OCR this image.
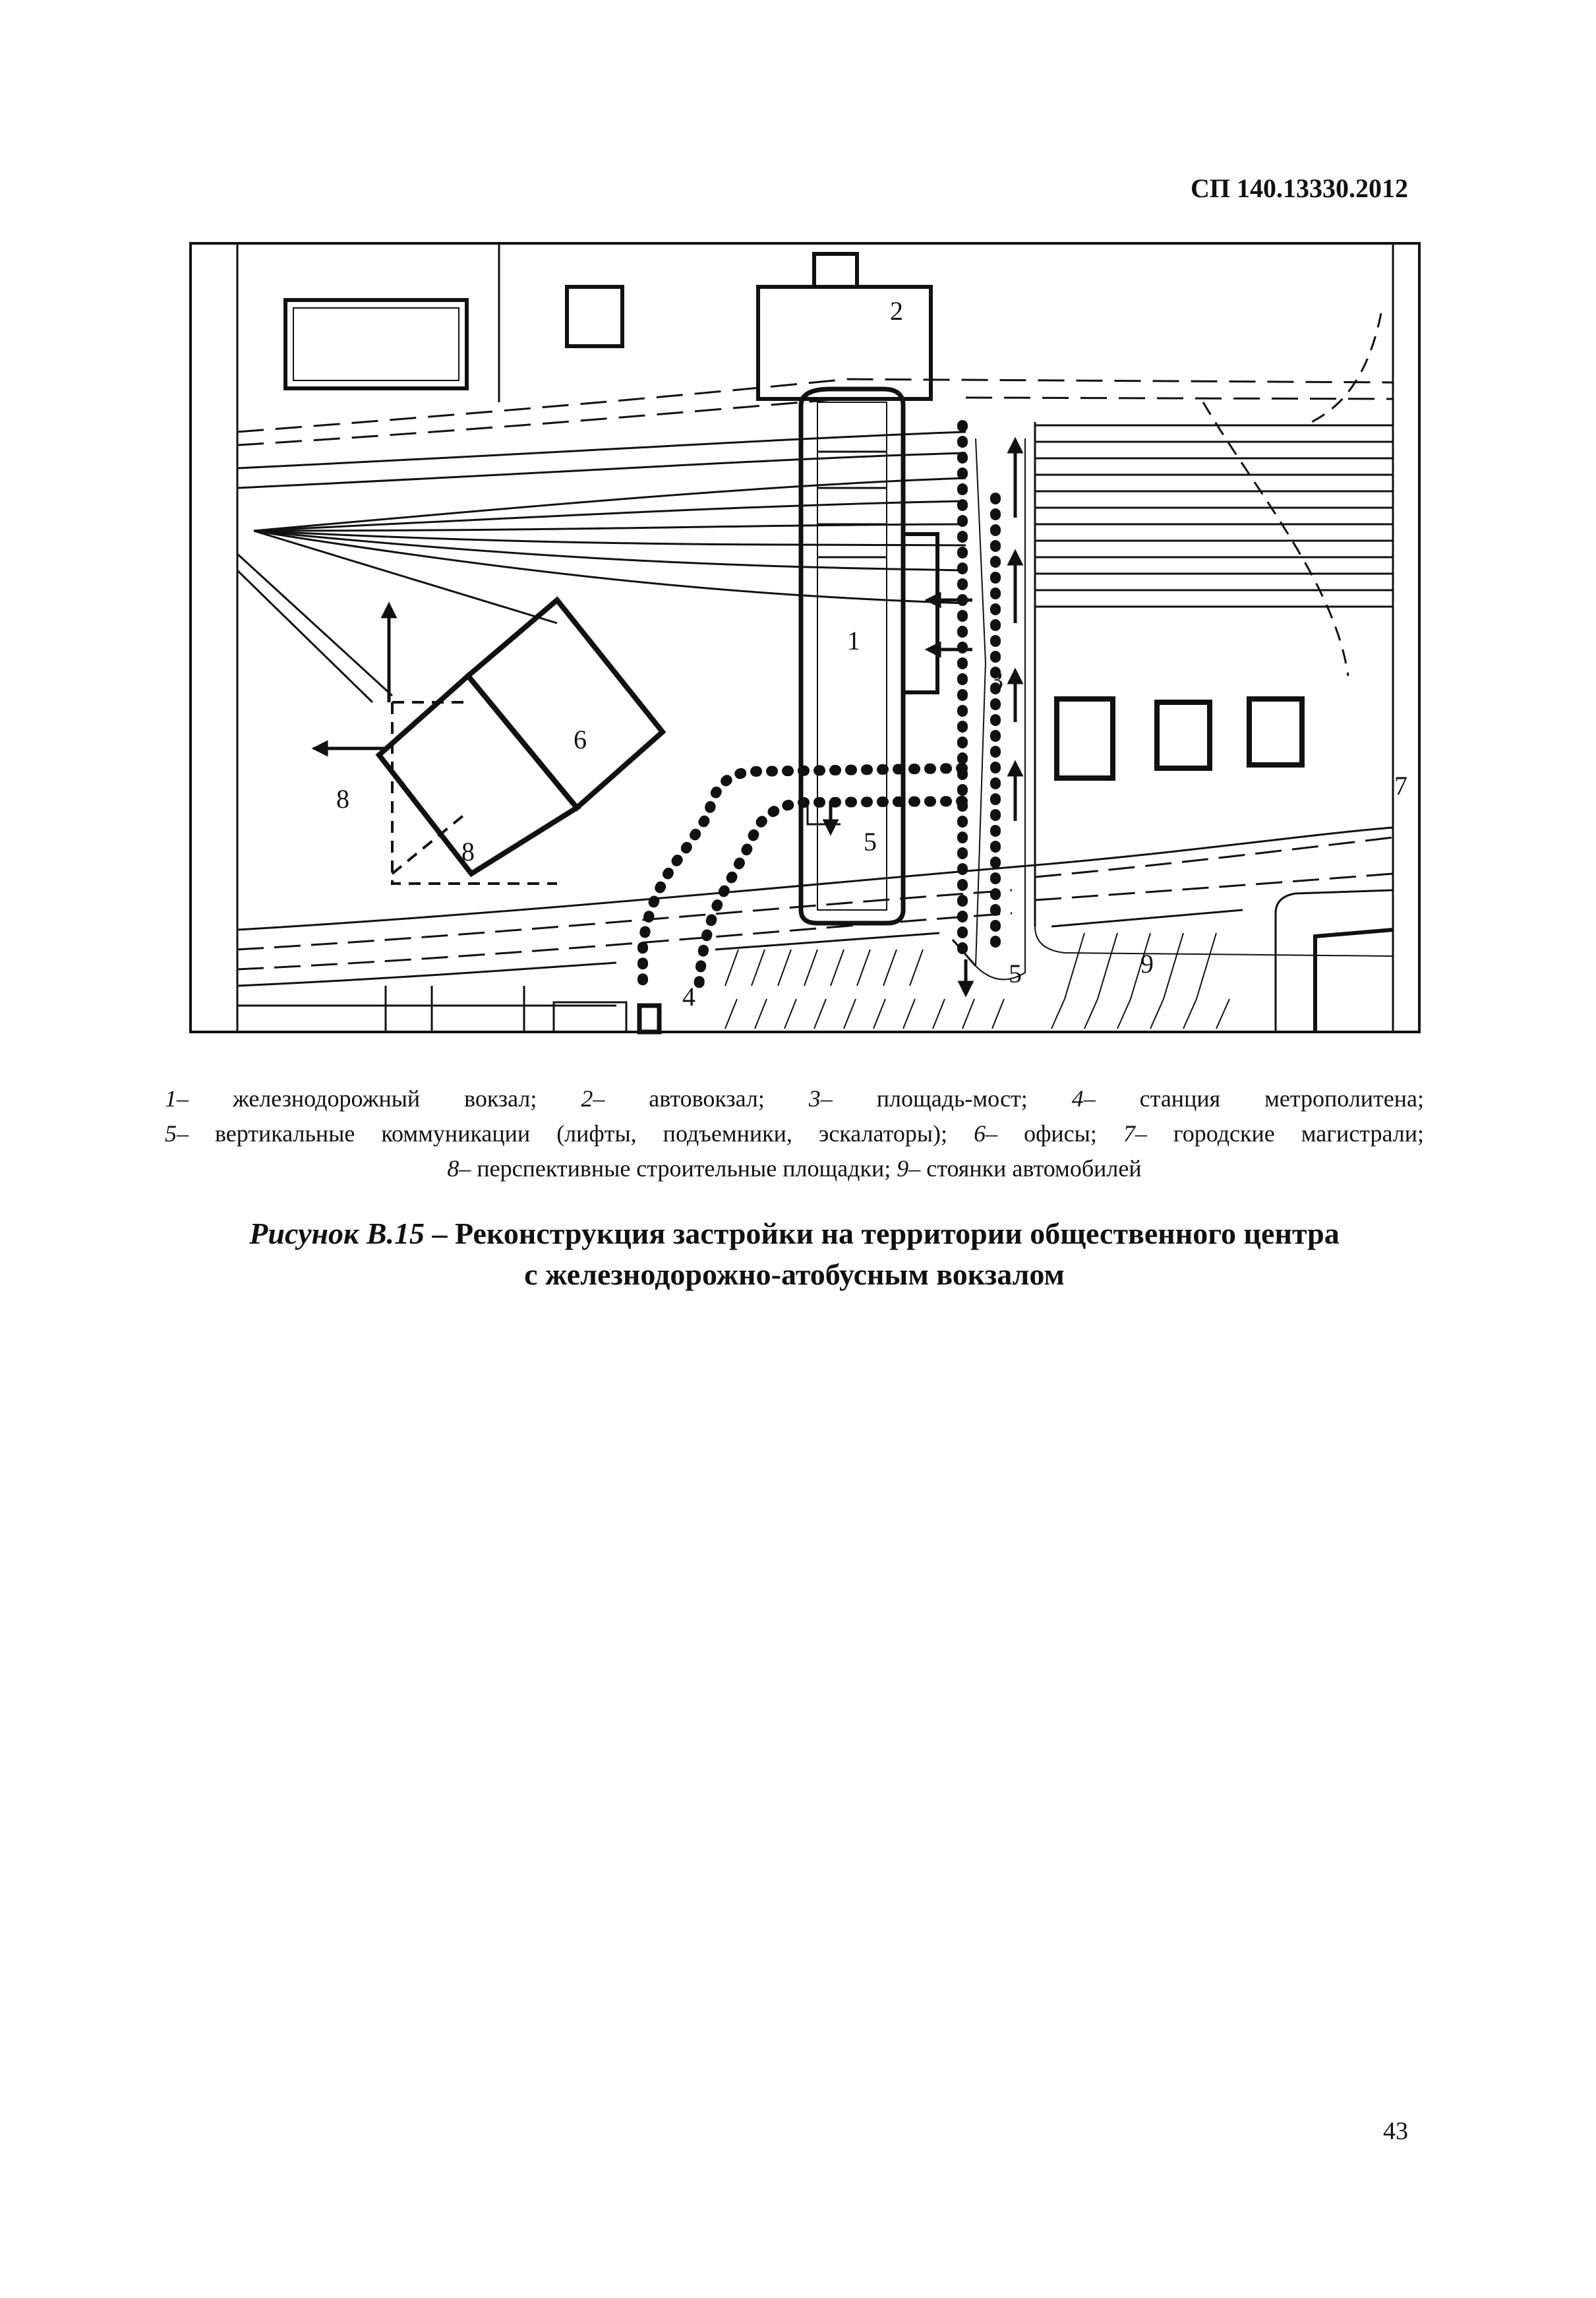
СП 140.13330.2012
2
1
3
4
5
5
6
7
8
8
9
1– железнодорожный вокзал; 2– автовокзал; 3– площадь-мост; 4– станция метрополитена;
5– вертикальные коммуникации (лифты, подъемники, эскалаторы); 6– офисы; 7– городские магистрали;
8– перспективные строительные площадки; 9– стоянки автомобилей
Рисунок В.15 – Реконструкция застройки на территории общественного центра
с железнодорожно-атобусным вокзалом
43
